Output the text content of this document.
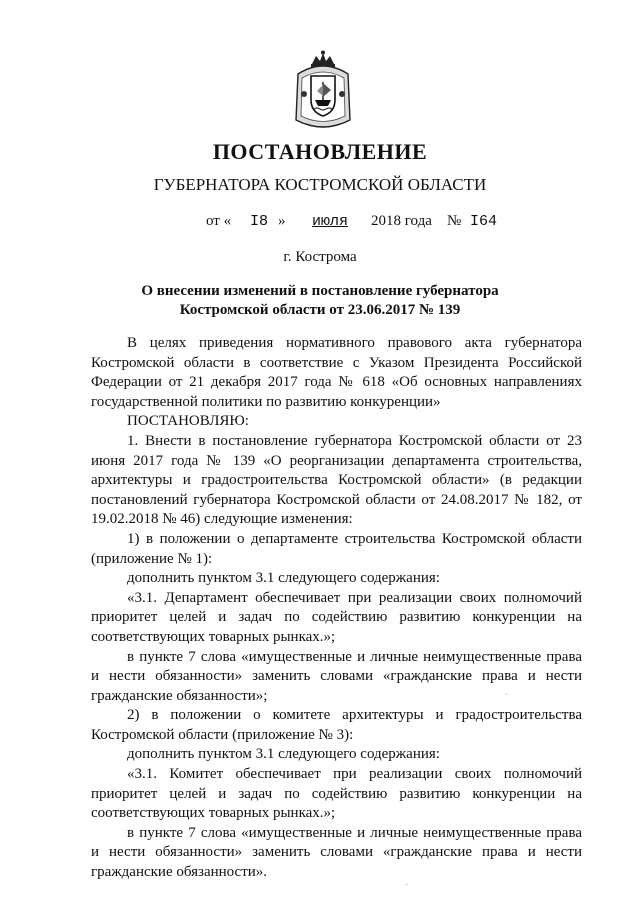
ПОСТАНОВЛЕНИЕ
ГУБЕРНАТОРА КОСТРОМСКОЙ ОБЛАСТИ
от « I8 » июля 2018 года № I64
г. Кострома
О внесении изменений в постановление губернатора
Костромской области от 23.06.2017 № 139

В целях приведения нормативного правового акта губернатора Костромской области в соответствие с Указом Президента Российской Федерации от 21 декабря 2017 года № 618 «Об основных направлениях государственной политики по развитию конкуренции»

ПОСТАНОВЛЯЮ:

1. Внести в постановление губернатора Костромской области от 23 июня 2017 года № 139 «О реорганизации департамента строительства, архитектуры и градостроительства Костромской области» (в редакции постановлений губернатора Костромской области от 24.08.2017 № 182, от 19.02.2018 № 46) следующие изменения:

1) в положении о департаменте строительства Костромской области (приложение № 1):

дополнить пунктом 3.1 следующего содержания:

«3.1. Департамент обеспечивает при реализации своих полномочий приоритет целей и задач по содействию развитию конкуренции на соответствующих товарных рынках.»;

в пункте 7 слова «имущественные и личные неимущественные права и нести обязанности» заменить словами «гражданские права и нести гражданские обязанности»;

2) в положении о комитете архитектуры и градостроительства Костромской области (приложение № 3):

дополнить пунктом 3.1 следующего содержания:

«3.1. Комитет обеспечивает при реализации своих полномочий приоритет целей и задач по содействию развитию конкуренции на соответствующих товарных рынках.»;

в пункте 7 слова «имущественные и личные неимущественные права и нести обязанности» заменить словами «гражданские права и нести гражданские обязанности».

·
·
